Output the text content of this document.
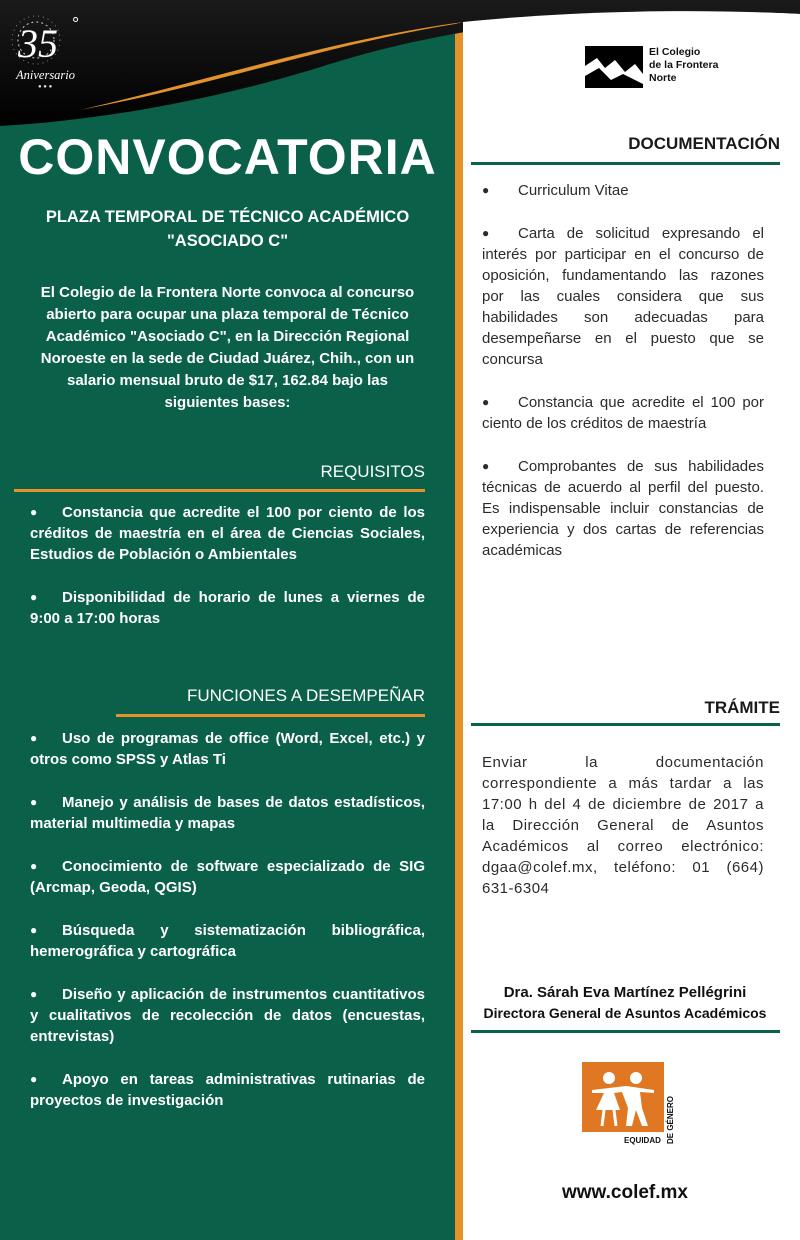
35 °
Aniversario
● ● ●
El Colegio
de la Frontera
Norte
CONVOCATORIA
PLAZA TEMPORAL DE TÉCNICO ACADÉMICO
"ASOCIADO C"
El Colegio de la Frontera Norte convoca al concurso abierto para ocupar una plaza temporal de Técnico Académico "Asociado C", en la Dirección Regional Noroeste en la sede de Ciudad Juárez, Chih., con un salario mensual bruto de $17, 162.84 bajo las siguientes bases:
REQUISITOS
● Constancia que acredite el 100 por ciento de los créditos de maestría en el área de Ciencias Sociales, Estudios de Población o Ambientales
● Disponibilidad de horario de lunes a viernes de 9:00 a 17:00 horas
FUNCIONES A DESEMPEÑAR
● Uso de programas de office (Word, Excel, etc.) y otros como SPSS y Atlas Ti
● Manejo y análisis de bases de datos estadísticos, material multimedia y mapas
● Conocimiento de software especializado de SIG (Arcmap, Geoda, QGIS)
● Búsqueda y sistematización bibliográfica, hemerográfica y cartográfica
● Diseño y aplicación de instrumentos cuantitativos y cualitativos de recolección de datos (encuestas, entrevistas)
● Apoyo en tareas administrativas rutinarias de proyectos de investigación
DOCUMENTACIÓN
● Curriculum Vitae
● Carta de solicitud expresando el interés por participar en el concurso de oposición, fundamentando las razones por las cuales considera que sus habilidades son adecuadas para desempeñarse en el puesto que se concursa
● Constancia que acredite el 100 por ciento de los créditos de maestría
● Comprobantes de sus habilidades técnicas de acuerdo al perfil del puesto. Es indispensable incluir constancias de experiencia y dos cartas de referencias académicas
TRÁMITE
Enviar la documentación correspondiente a más tardar a las 17:00 h del 4 de diciembre de 2017 a la Dirección General de Asuntos Académicos al correo electrónico: dgaa@colef.mx, teléfono: 01 (664) 631-6304
Dra. Sárah Eva Martínez Pellégrini
Directora General de Asuntos Académicos
EQUIDAD DE GÉNERO
www.colef.mx
